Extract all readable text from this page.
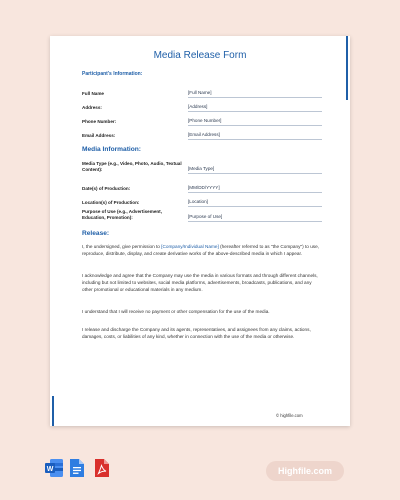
Media Release Form
Participant's Information:
Full Name	[Full Name]
Address:	[Address]
Phone Number:	[Phone Number]
Email Address:	[Email Address]
Media Information:
Media Type (e.g., Video, Photo, Audio, Textual Content):	[Media Type]
Date(s) of Production:	[MM/DD/YYYY]
Location(s) of Production:	[Location]
Purpose of Use (e.g., Advertisement, Education, Promotion):	[Purpose of Use]
Release:
I, the undersigned, give permission to [Company/Individual Name] (hereafter referred to as "the Company") to use, reproduce, distribute, display, and create derivative works of the above-described media in which I appear.
I acknowledge and agree that the Company may use the media in various formats and through different channels, including but not limited to websites, social media platforms, advertisements, broadcasts, publications, and any other promotional or educational materials in any medium.
I understand that I will receive no payment or other compensation for the use of the media.
I release and discharge the Company and its agents, representatives, and assignees from any claims, actions, damages, costs, or liabilities of any kind, whether in connection with the use of the media or otherwise.
© highfile.com
W	Highfile.com
